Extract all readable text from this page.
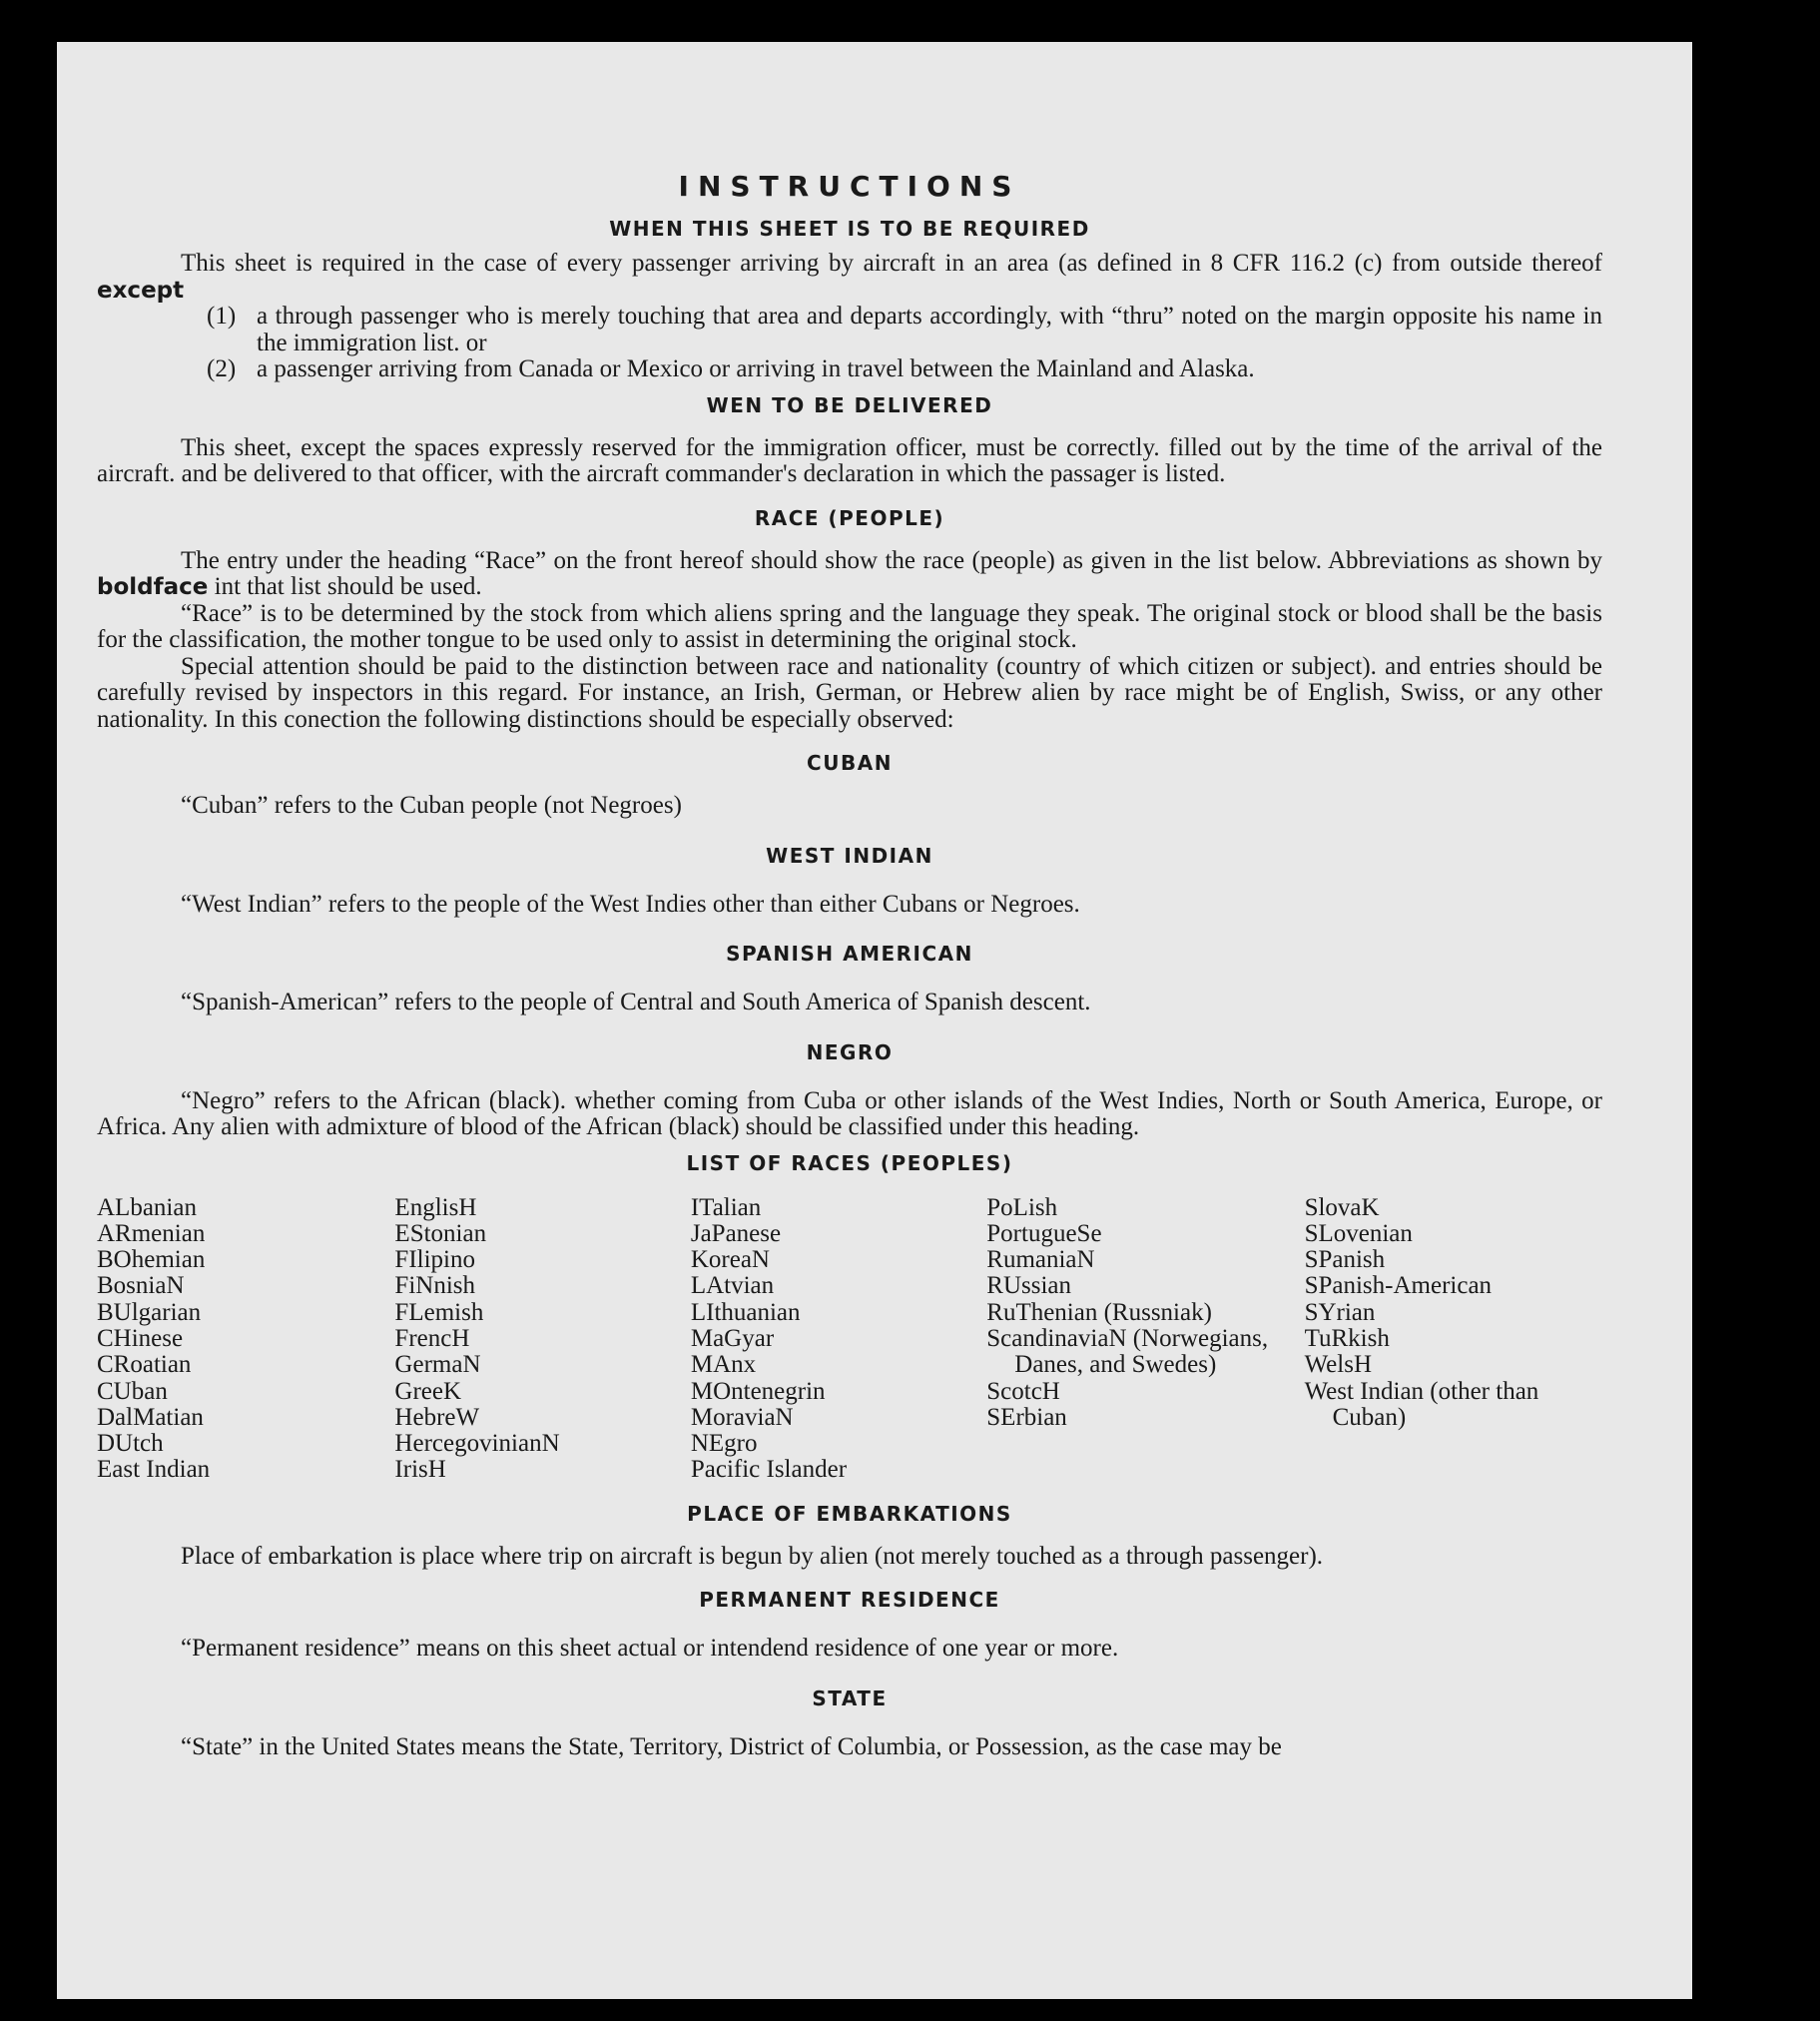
INSTRUCTIONS
WHEN THIS SHEET IS TO BE REQUIRED

This sheet is required in the case of every passenger arriving by aircraft in an area (as defined in 8 CFR 116.2 (c) from outside thereof except

(1) a through passenger who is merely touching that area and departs accordingly, with “thru” noted on the margin opposite his name in the immigration list. or
(2) a passenger arriving from Canada or Mexico or arriving in travel between the Mainland and Alaska.
WEN TO BE DELIVERED

This sheet, except the spaces expressly reserved for the immigration officer, must be correctly. filled out by the time of the arrival of the aircraft. and be delivered to that officer, with the aircraft commander's declaration in which the passager is listed.

RACE (PEOPLE)

The entry under the heading “Race” on the front hereof should show the race (people) as given in the list below. Abbreviations as shown by boldface int that list should be used.

“Race” is to be determined by the stock from which aliens spring and the language they speak. The original stock or blood shall be the basis for the classification, the mother tongue to be used only to assist in determining the original stock.

Special attention should be paid to the distinction between race and nationality (country of which citizen or subject). and entries should be carefully revised by inspectors in this regard. For instance, an Irish, German, or Hebrew alien by race might be of English, Swiss, or any other nationality. In this conection the following distinctions should be especially observed:

CUBAN

“Cuban” refers to the Cuban people (not Negroes)

WEST INDIAN

“West Indian” refers to the people of the West Indies other than either Cubans or Negroes.

SPANISH AMERICAN

“Spanish-American” refers to the people of Central and South America of Spanish descent.

NEGRO

“Negro” refers to the African (black). whether coming from Cuba or other islands of the West Indies, North or South America, Europe, or Africa. Any alien with admixture of blood of the African (black) should be classified under this heading.

LIST OF RACES (PEOPLES)
ALbanian
ARmenian
BOhemian
BosniaN
BUlgarian
CHinese
CRoatian
CUban
DalMatian
DUtch
East Indian
EnglisH
EStonian
FIlipino
FiNnish
FLemish
FrencH
GermaN
GreeK
HebreW
HercegovinianN
IrisH
ITalian
JaPanese
KoreaN
LAtvian
LIthuanian
MaGyar
MAnx
MOntenegrin
MoraviaN
NEgro
Pacific Islander
PoLish
PortugueSe
RumaniaN
RUssian
RuThenian (Russniak)
ScandinaviaN (Norwegians, Danes, and Swedes)
ScotcH
SErbian
SlovaK
SLovenian
SPanish
SPanish-American
SYrian
TuRkish
WelsH
West Indian (other than Cuban)
PLACE OF EMBARKATIONS

Place of embarkation is place where trip on aircraft is begun by alien (not merely touched as a through passenger).

PERMANENT RESIDENCE

“Permanent residence” means on this sheet actual or intendend residence of one year or more.

STATE

“State” in the United States means the State, Territory, District of Columbia, or Possession, as the case may be
